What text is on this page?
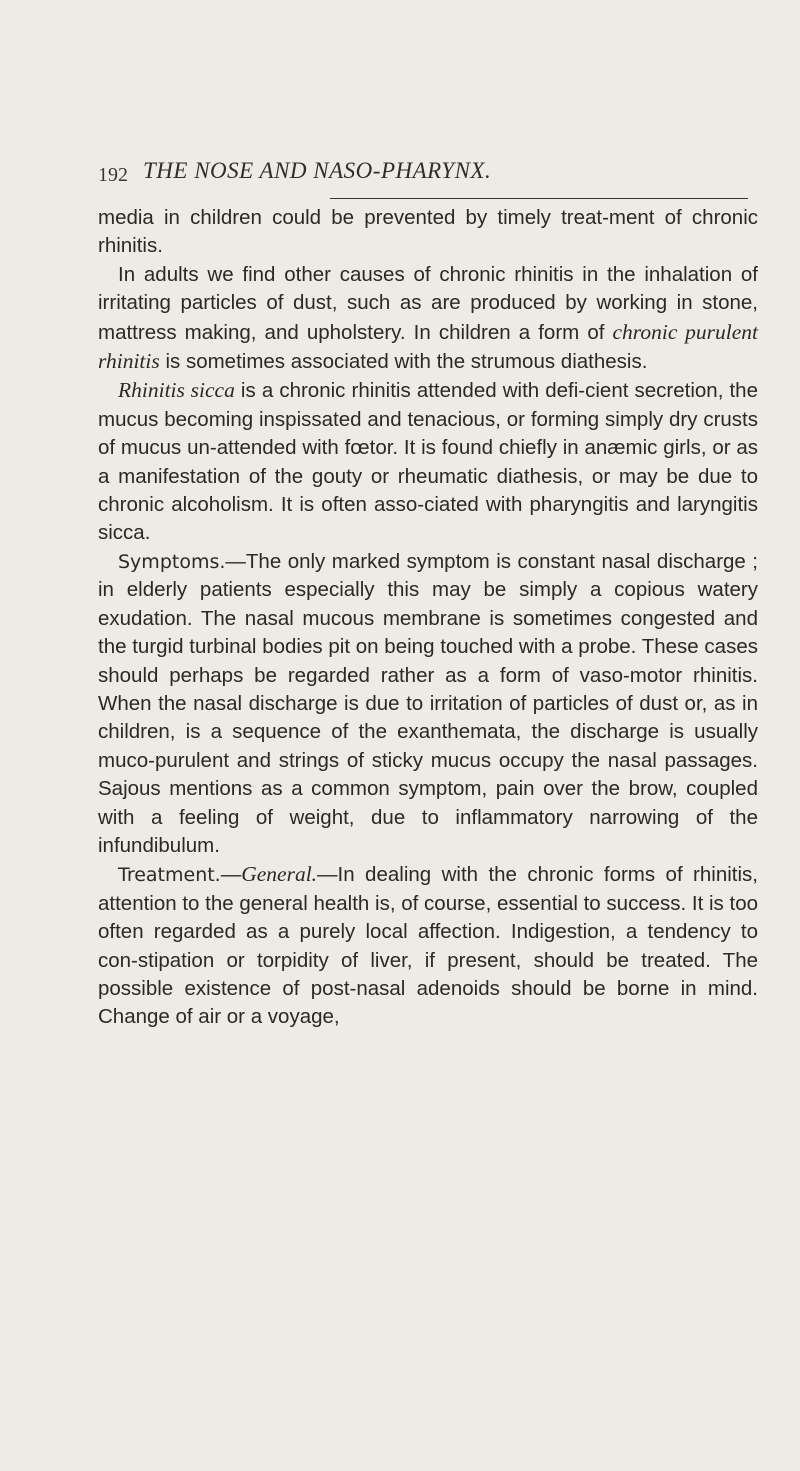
192 THE NOSE AND NASO-PHARYNX.

media in children could be prevented by timely treat-ment of chronic rhinitis.

In adults we find other causes of chronic rhinitis in the inhalation of irritating particles of dust, such as are produced by working in stone, mattress making, and upholstery. In children a form of chronic purulent rhinitis is sometimes associated with the strumous diathesis.

Rhinitis sicca is a chronic rhinitis attended with defi-cient secretion, the mucus becoming inspissated and tenacious, or forming simply dry crusts of mucus un-attended with fœtor. It is found chiefly in anæmic girls, or as a manifestation of the gouty or rheumatic diathesis, or may be due to chronic alcoholism. It is often asso-ciated with pharyngitis and laryngitis sicca.

Symptoms.—The only marked symptom is constant nasal discharge ; in elderly patients especially this may be simply a copious watery exudation. The nasal mucous membrane is sometimes congested and the turgid turbinal bodies pit on being touched with a probe. These cases should perhaps be regarded rather as a form of vaso-motor rhinitis. When the nasal discharge is due to irritation of particles of dust or, as in children, is a sequence of the exanthemata, the discharge is usually muco-purulent and strings of sticky mucus occupy the nasal passages. Sajous mentions as a common symptom, pain over the brow, coupled with a feeling of weight, due to inflammatory narrowing of the infundibulum.

Treatment.—General.—In dealing with the chronic forms of rhinitis, attention to the general health is, of course, essential to success. It is too often regarded as a purely local affection. Indigestion, a tendency to con-stipation or torpidity of liver, if present, should be treated. The possible existence of post-nasal adenoids should be borne in mind. Change of air or a voyage,
